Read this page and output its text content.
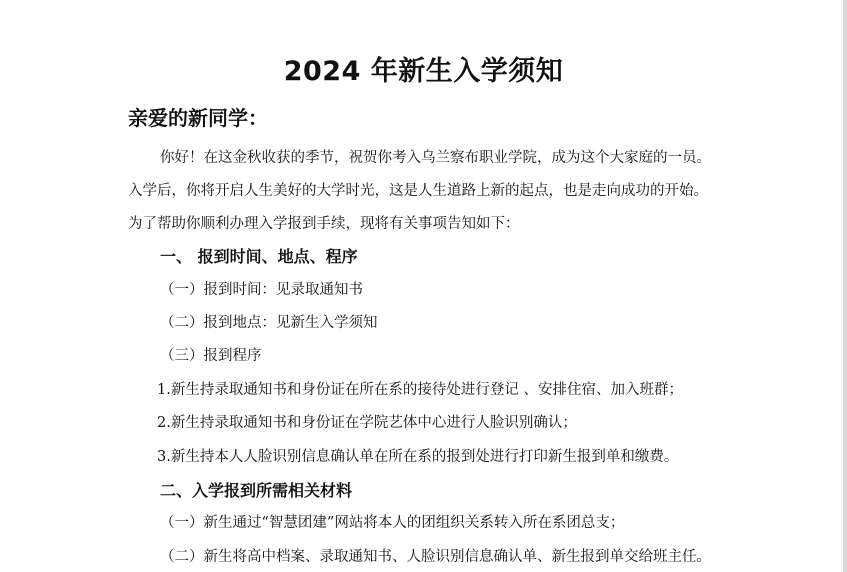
2024 年新生入学须知
亲爱的新同学：
你好！在这金秋收获的季节，祝贺你考入乌兰察布职业学院，成为这个大家庭的一员。
入学后，你将开启人生美好的大学时光，这是人生道路上新的起点，也是走向成功的开始。
为了帮助你顺利办理入学报到手续，现将有关事项告知如下：
一、 报到时间、地点、程序
（一）报到时间：见录取通知书
（二）报到地点：见新生入学须知
（三）报到程序
1.新生持录取通知书和身份证在所在系的接待处进行登记 、安排住宿、加入班群；
2.新生持录取通知书和身份证在学院艺体中心进行人脸识别确认；
3.新生持本人人脸识别信息确认单在所在系的报到处进行打印新生报到单和缴费。
二、入学报到所需相关材料
（一）新生通过“智慧团建”网站将本人的团组织关系转入所在系团总支；
（二）新生将高中档案、录取通知书、人脸识别信息确认单、新生报到单交给班主任。
